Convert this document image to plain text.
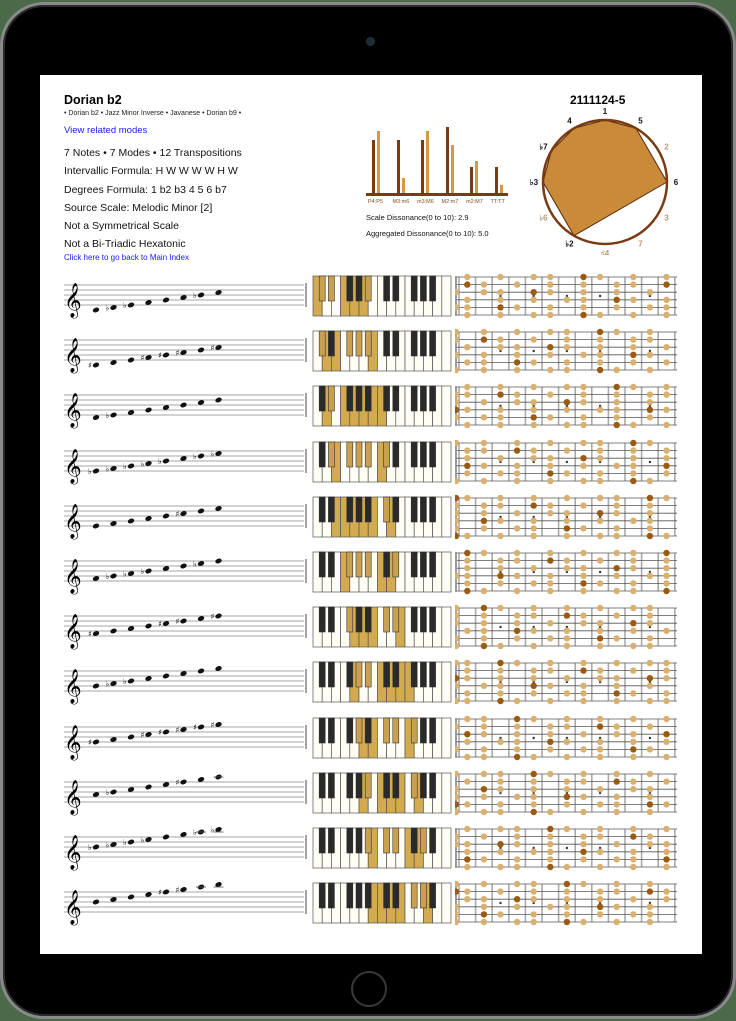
Dorian b2
• Dorian b2 • Jazz Minor Inverse • Javanese • Dorian b9 •
View related modes
7 Notes • 7 Modes • 12 Transpositions
Intervallic Formula: H W W W W H W
Degrees Formula: 1 b2 b3 4 5 6 b7
Source Scale: Melodic Minor [2]
Not a Symmetrical Scale
Not a Bi-Triadic Hexatonic
Click here to go back to Main Index
P4:P5 M3:m6 m3:M6 M2:m7 m2:M7 TT:TT
Scale Dissonance(0 to 10): 2.9
Aggregated Dissonance(0 to 10): 5.0
2111124-5
1
5
2
6
3
7
♯4
♭2
♭6
♭3
♭7
4
𝄞	♭ ♭
♭
𝄞 ♯
♯ ♯ ♯
♯
𝄞	♭
𝄞 ♭ ♭ ♭ ♭ ♭
♭ ♭
𝄞	♯
𝄞	♭ ♭ ♭
♭
𝄞 ♯
♯ ♯
♯
𝄞	♭ ♭
𝄞 ♯
♯ ♯ ♯ ♯ ♯
𝄞	♭
♯
𝄞 ♭ ♭ ♭ ♭
♭ ♭
𝄞	♯ ♯
